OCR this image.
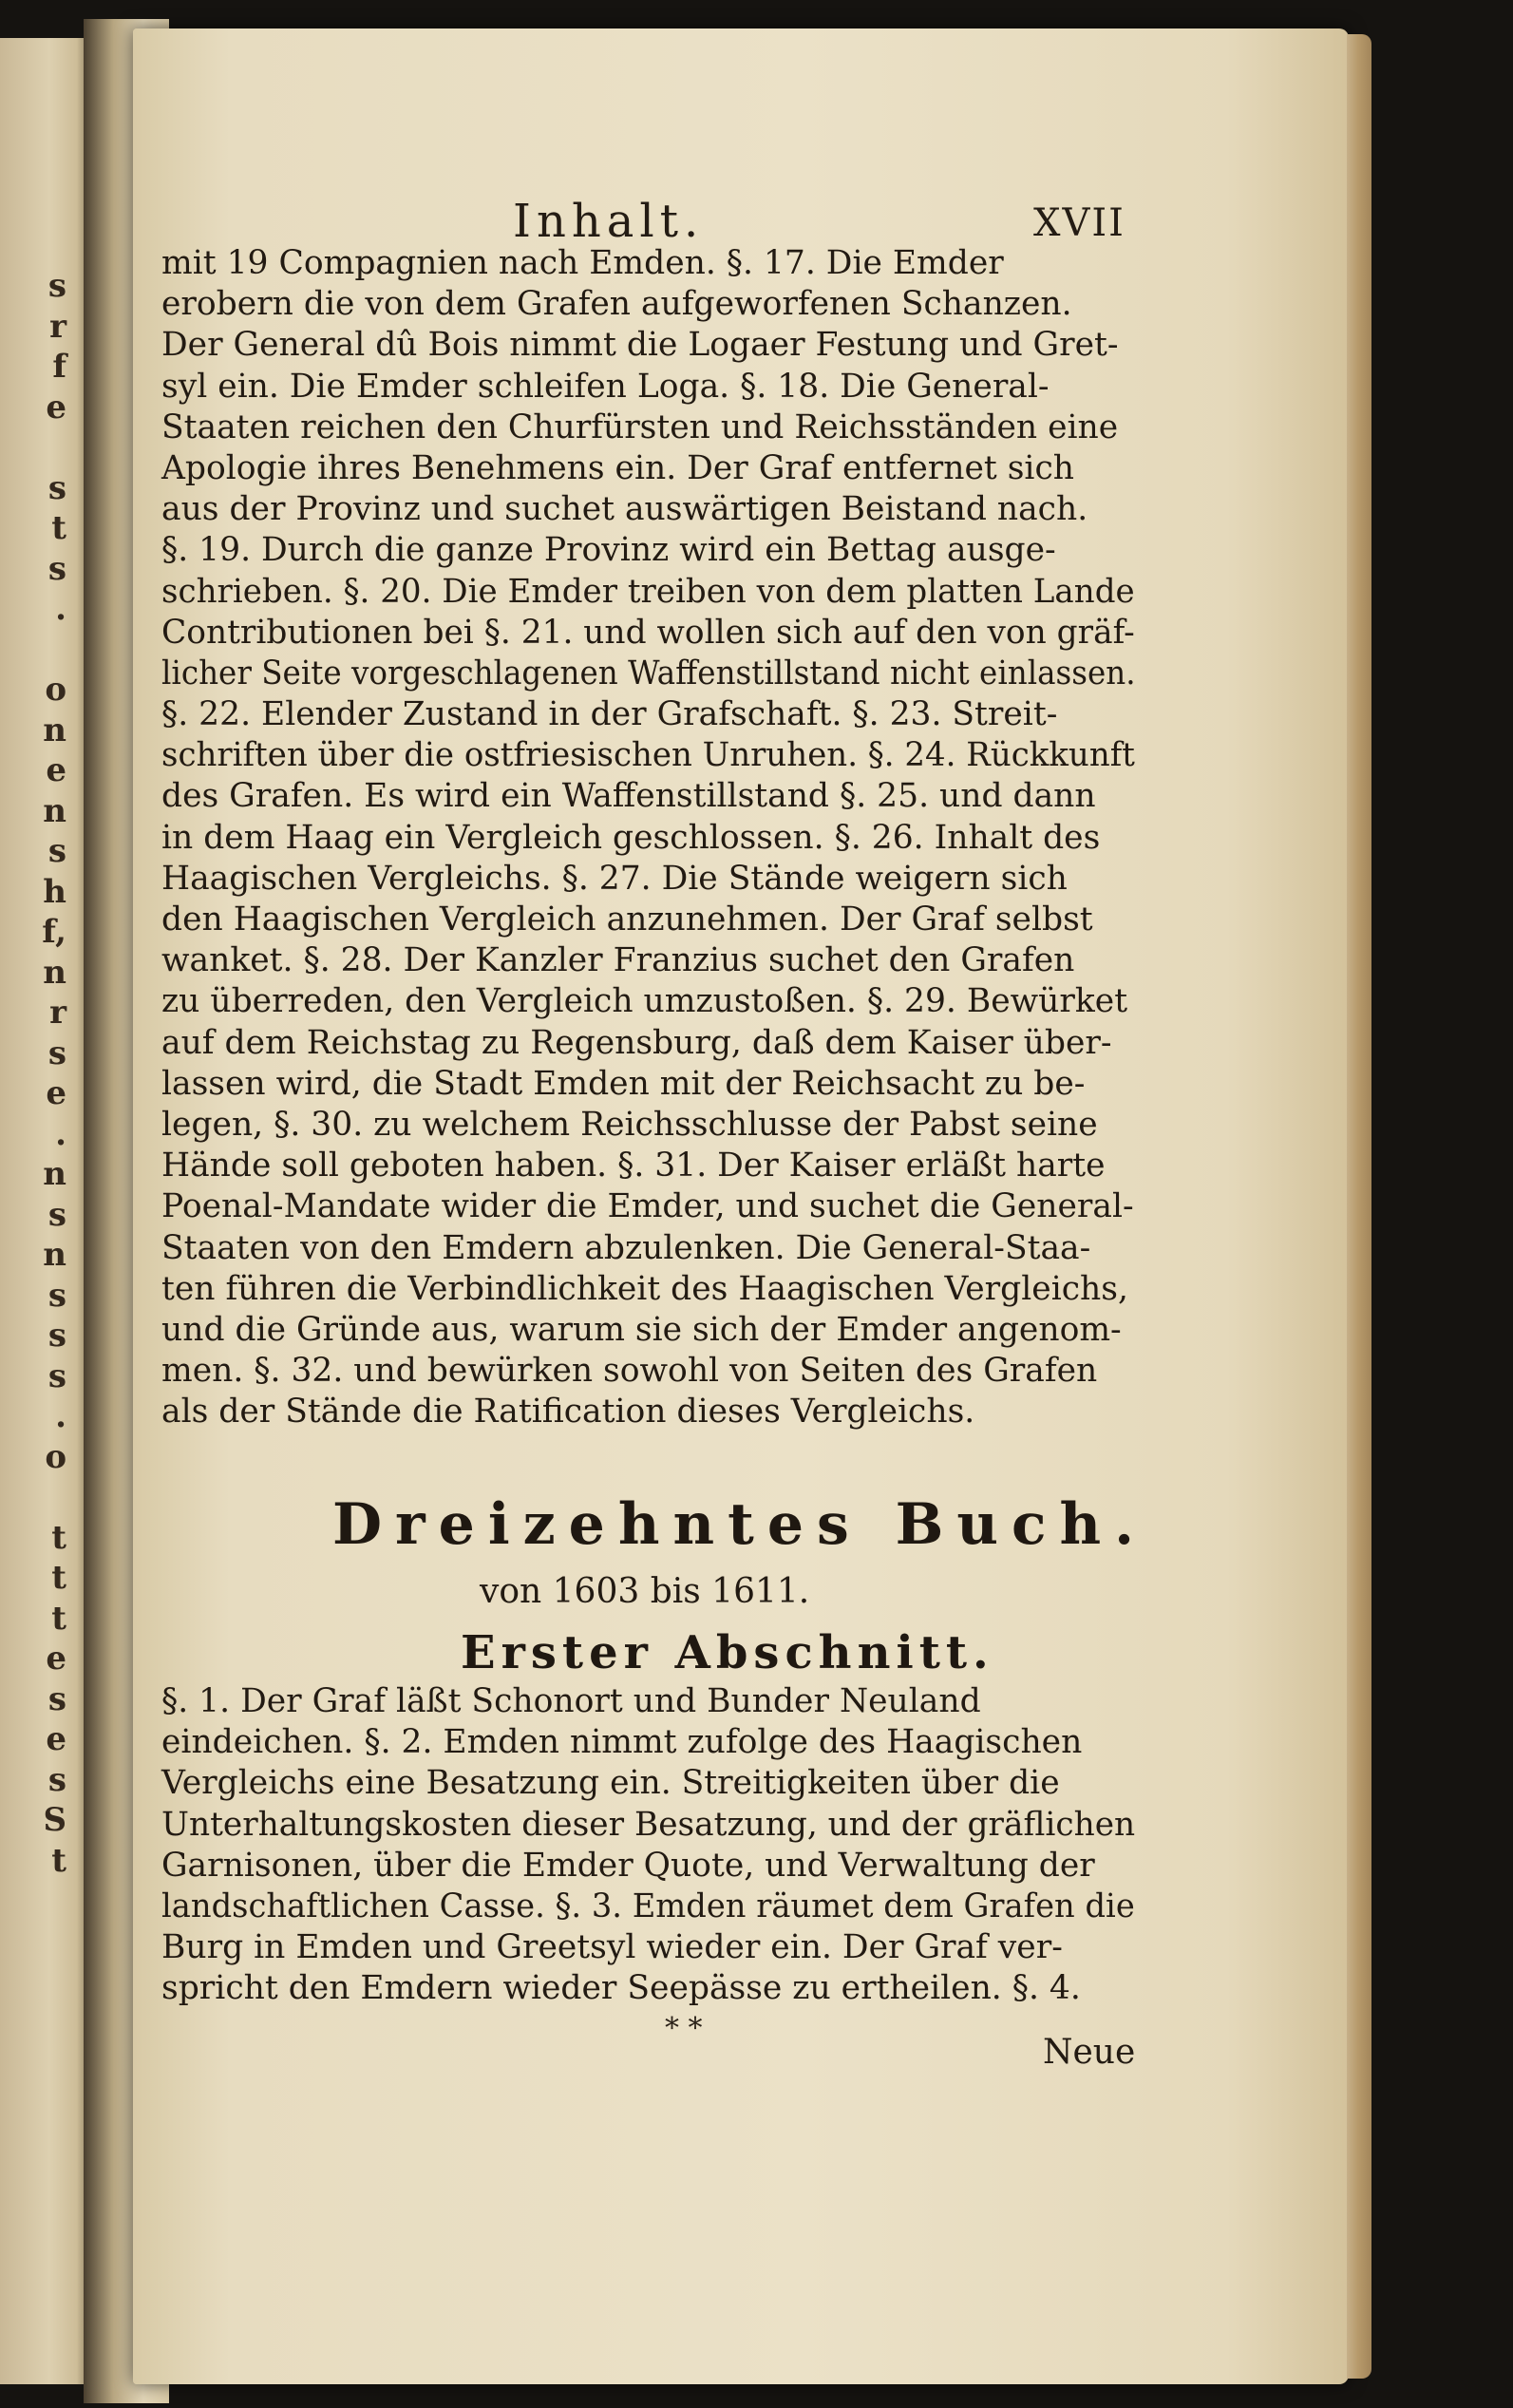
s
r
f
e

s
t
s
.

o
n
e
n
s
h
f,
n
r
s
e
.
n
s
n
s
s
s
.
o

t
t
t
e
s
e
s
S
t
Inhalt.	XVII

mit 19 Compagnien nach Emden. §. 17. Die Emder
erobern die von dem Grafen aufgeworfenen Schanzen.
Der General dû Bois nimmt die Logaer Festung und Gret-
syl ein. Die Emder schleifen Loga. §. 18. Die General-
Staaten reichen den Churfürsten und Reichsständen eine
Apologie ihres Benehmens ein. Der Graf entfernet sich
aus der Provinz und suchet auswärtigen Beistand nach.
§. 19. Durch die ganze Provinz wird ein Bettag ausge-
schrieben. §. 20. Die Emder treiben von dem platten Lande
Contributionen bei §. 21. und wollen sich auf den von gräf-
licher Seite vorgeschlagenen Waffenstillstand nicht einlassen.
§. 22. Elender Zustand in der Grafschaft. §. 23. Streit-
schriften über die ostfriesischen Unruhen. §. 24. Rückkunft
des Grafen. Es wird ein Waffenstillstand §. 25. und dann
in dem Haag ein Vergleich geschlossen. §. 26. Inhalt des
Haagischen Vergleichs. §. 27. Die Stände weigern sich
den Haagischen Vergleich anzunehmen. Der Graf selbst
wanket. §. 28. Der Kanzler Franzius suchet den Grafen
zu überreden, den Vergleich umzustoßen. §. 29. Bewürket
auf dem Reichstag zu Regensburg, daß dem Kaiser über-
lassen wird, die Stadt Emden mit der Reichsacht zu be-
legen, §. 30. zu welchem Reichsschlusse der Pabst seine
Hände soll geboten haben. §. 31. Der Kaiser erläßt harte
Poenal-Mandate wider die Emder, und suchet die General-
Staaten von den Emdern abzulenken. Die General-Staa-
ten führen die Verbindlichkeit des Haagischen Vergleichs,
und die Gründe aus, warum sie sich der Emder angenom-
men. §. 32. und bewürken sowohl von Seiten des Grafen
als der Stände die Ratification dieses Vergleichs.

Dreizehntes Buch.

von 1603 bis 1611.

Erster Abschnitt.

§. 1. Der Graf läßt Schonort und Bunder Neuland
eindeichen. §. 2. Emden nimmt zufolge des Haagischen
Vergleichs eine Besatzung ein. Streitigkeiten über die
Unterhaltungskosten dieser Besatzung, und der gräflichen
Garnisonen, über die Emder Quote, und Verwaltung der
landschaftlichen Casse. §. 3. Emden räumet dem Grafen die
Burg in Emden und Greetsyl wieder ein. Der Graf ver-
spricht den Emdern wieder Seepässe zu ertheilen. §. 4.

* *
Neue
